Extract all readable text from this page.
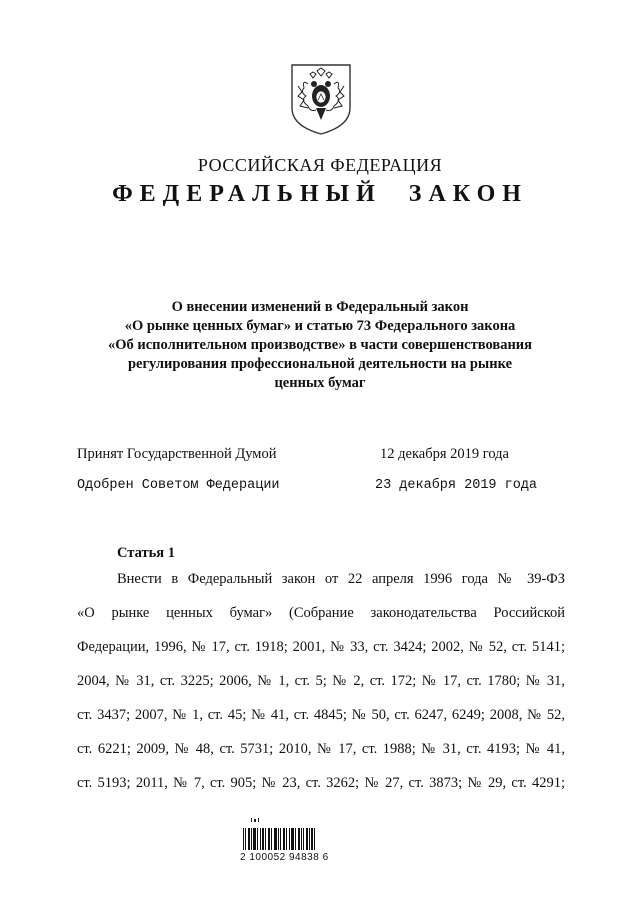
РОССИЙСКАЯ ФЕДЕРАЦИЯ
ФЕДЕРАЛЬНЫЙ ЗАКОН
О внесении изменений в Федеральный закон
«О рынке ценных бумаг» и статью 73 Федерального закона
«Об исполнительном производстве» в части совершенствования
регулирования профессиональной деятельности на рынке
ценных бумаг
Принят Государственной Думой	12 декабря 2019 года
Одобрен Советом Федерации	23 декабря 2019 года
Статья 1
Внести в Федеральный закон от 22 апреля 1996 года № 39-ФЗ
«О рынке ценных бумаг» (Собрание законодательства Российской
Федерации, 1996, № 17, ст. 1918; 2001, № 33, ст. 3424; 2002, № 52, ст. 5141;
2004, № 31, ст. 3225; 2006, № 1, ст. 5; № 2, ст. 172; № 17, ст. 1780; № 31,
ст. 3437; 2007, № 1, ст. 45; № 41, ст. 4845; № 50, ст. 6247, 6249; 2008, № 52,
ст. 6221; 2009, № 48, ст. 5731; 2010, № 17, ст. 1988; № 31, ст. 4193; № 41,
ст. 5193; 2011, № 7, ст. 905; № 23, ст. 3262; № 27, ст. 3873; № 29, ст. 4291;
2 100052 94838 6
